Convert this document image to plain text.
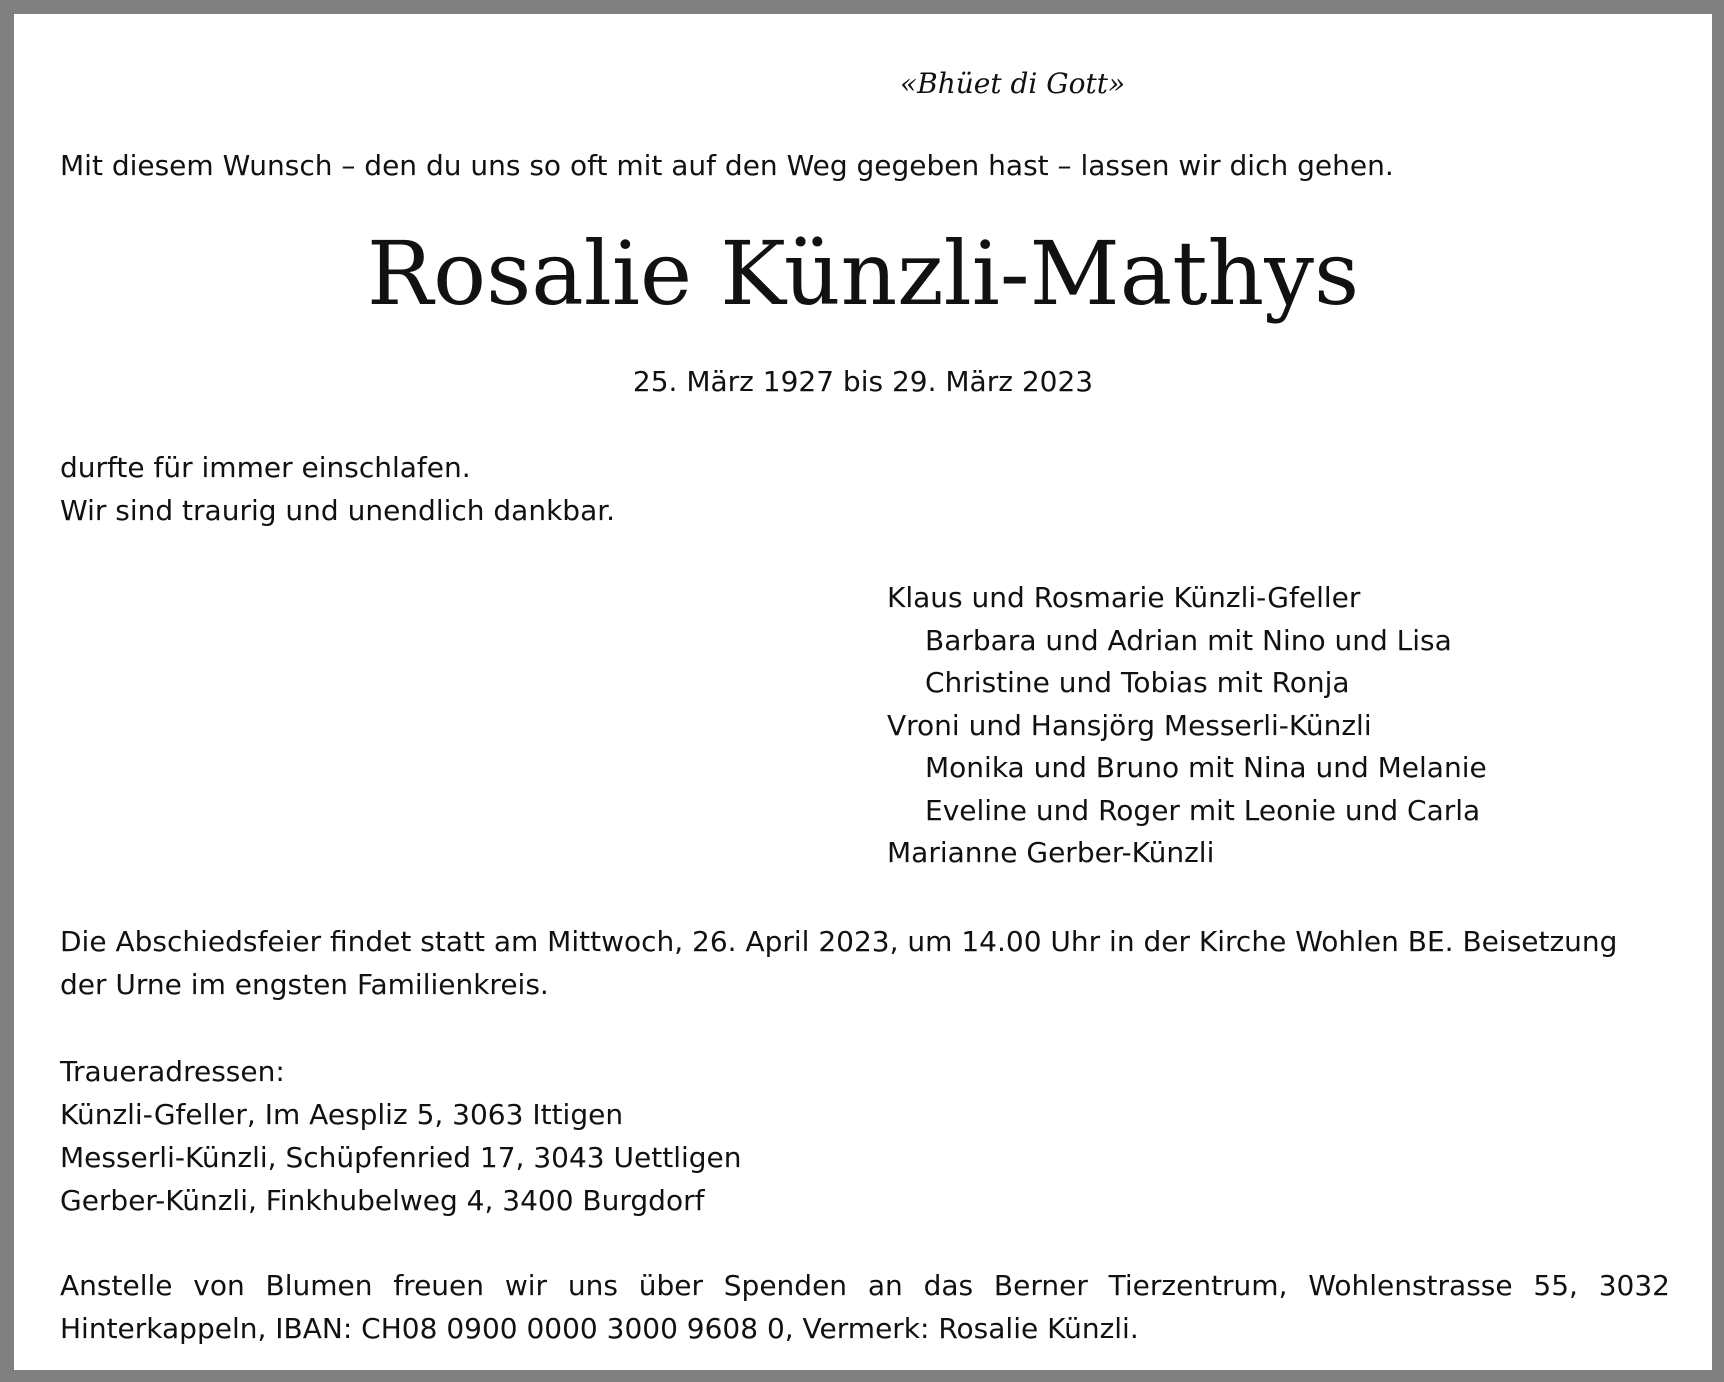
«Bhüet di Gott»
Mit diesem Wunsch – den du uns so oft mit auf den Weg gegeben hast – lassen wir dich gehen.
Rosalie Künzli-Mathys
25. März 1927 bis 29. März 2023
durfte für immer einschlafen.
Wir sind traurig und unendlich dankbar.
Klaus und Rosmarie Künzli-Gfeller
Barbara und Adrian mit Nino und Lisa
Christine und Tobias mit Ronja
Vroni und Hansjörg Messerli-Künzli
Monika und Bruno mit Nina und Melanie
Eveline und Roger mit Leonie und Carla
Marianne Gerber-Künzli
Die Abschiedsfeier findet statt am Mittwoch, 26. April 2023, um 14.00 Uhr in der Kirche Wohlen BE. Beisetzung der Urne im engsten Familienkreis.
Traueradressen:
Künzli-Gfeller, Im Aespliz 5, 3063 Ittigen
Messerli-Künzli, Schüpfenried 17, 3043 Uettligen
Gerber-Künzli, Finkhubelweg 4, 3400 Burgdorf
Anstelle von Blumen freuen wir uns über Spenden an das Berner Tierzentrum, Wohlenstrasse 55, 3032 Hinterkappeln, IBAN: CH08 0900 0000 3000 9608 0, Vermerk: Rosalie Künzli.
